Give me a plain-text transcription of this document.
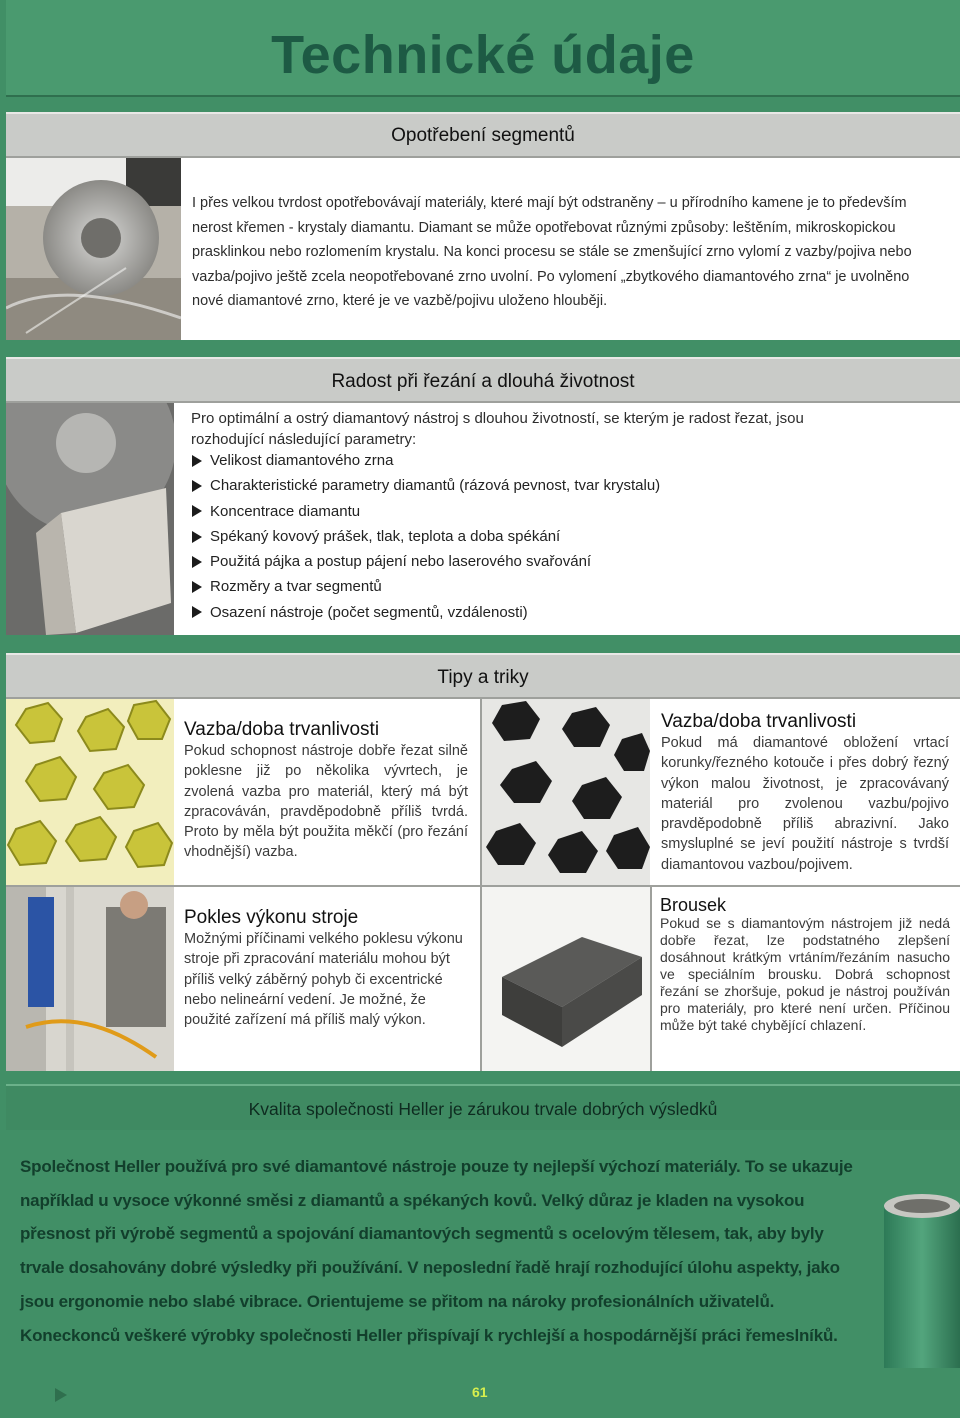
Technické údaje
Opotřebení segmentů
I přes velkou tvrdost opotřebovávají materiály, které mají být odstraněny – u přírodního kamene je to především nerost křemen - krystaly diamantu. Diamant se může opotřebovat různými způsoby: leštěním, mikroskopickou prasklinkou nebo rozlomením krystalu. Na konci procesu se stále se zmenšující zrno vylomí z vazby/pojiva nebo vazba/pojivo ještě zcela neopotřebované zrno uvolní. Po vylomení „zbytkového diamantového zrna“ je uvolněno nové diamantové zrno, které je ve vazbě/pojivu uloženo hlouběji.
Radost při řezání a dlouhá životnost
Pro optimální a ostrý diamantový nástroj s dlouhou životností, se kterým je radost řezat, jsou rozhodující následující parametry:
Velikost diamantového zrna
Charakteristické parametry diamantů (rázová pevnost, tvar krystalu)
Koncentrace diamantu
Spékaný kovový prášek, tlak, teplota a doba spékání
Použitá pájka a postup pájení nebo laserového svařování
Rozměry a tvar segmentů
Osazení nástroje (počet segmentů, vzdálenosti)
Tipy a triky
Vazba/doba trvanlivosti
Pokud schopnost nástroje dobře řezat silně poklesne již po několika vývrtech, je zvolená vazba pro materiál, který má být zpracováván, pravděpodobně příliš tvrdá. Proto by měla být použita měkčí (pro řezání vhodnější) vazba.
Vazba/doba trvanlivosti
Pokud má diamantové obložení vrtací korunky/řezného kotouče i přes dobrý řezný výkon malou životnost, je zpracovávaný materiál pro zvolenou vazbu/pojivo pravděpodobně příliš abrazivní. Jako smysluplné se jeví použití nástroje s tvrdší diamantovou vazbou/pojivem.
Pokles výkonu stroje
Možnými příčinami velkého poklesu výkonu stroje při zpracování materiálu mohou být příliš velký záběrný pohyb či excentrické nebo nelineární vedení. Je možné, že použité zařízení má příliš malý výkon.
Brousek
Pokud se s diamantovým nástrojem již nedá dobře řezat, lze podstatného zlepšení dosáhnout krátkým vrtáním/řezáním nasucho ve speciálním brousku. Dobrá schopnost řezání se zhoršuje, pokud je nástroj používán pro materiály, pro které není určen. Příčinou může být také chybějící chlazení.
Kvalita společnosti Heller je zárukou trvale dobrých výsledků
Společnost Heller používá pro své diamantové nástroje pouze ty nejlepší výchozí materiály. To se ukazuje například u vysoce výkonné směsi z diamantů a spékaných kovů. Velký důraz je kladen na vysokou přesnost při výrobě segmentů a spojování diamantových segmentů s ocelovým tělesem, tak, aby byly trvale dosahovány dobré výsledky při používání. V neposlední řadě hrají rozhodující úlohu aspekty, jako jsou ergonomie nebo slabé vibrace. Orientujeme se přitom na nároky profesionálních uživatelů. Koneckonců veškeré výrobky společnosti Heller přispívají k rychlejší a hospodárnější práci řemeslníků.
61
